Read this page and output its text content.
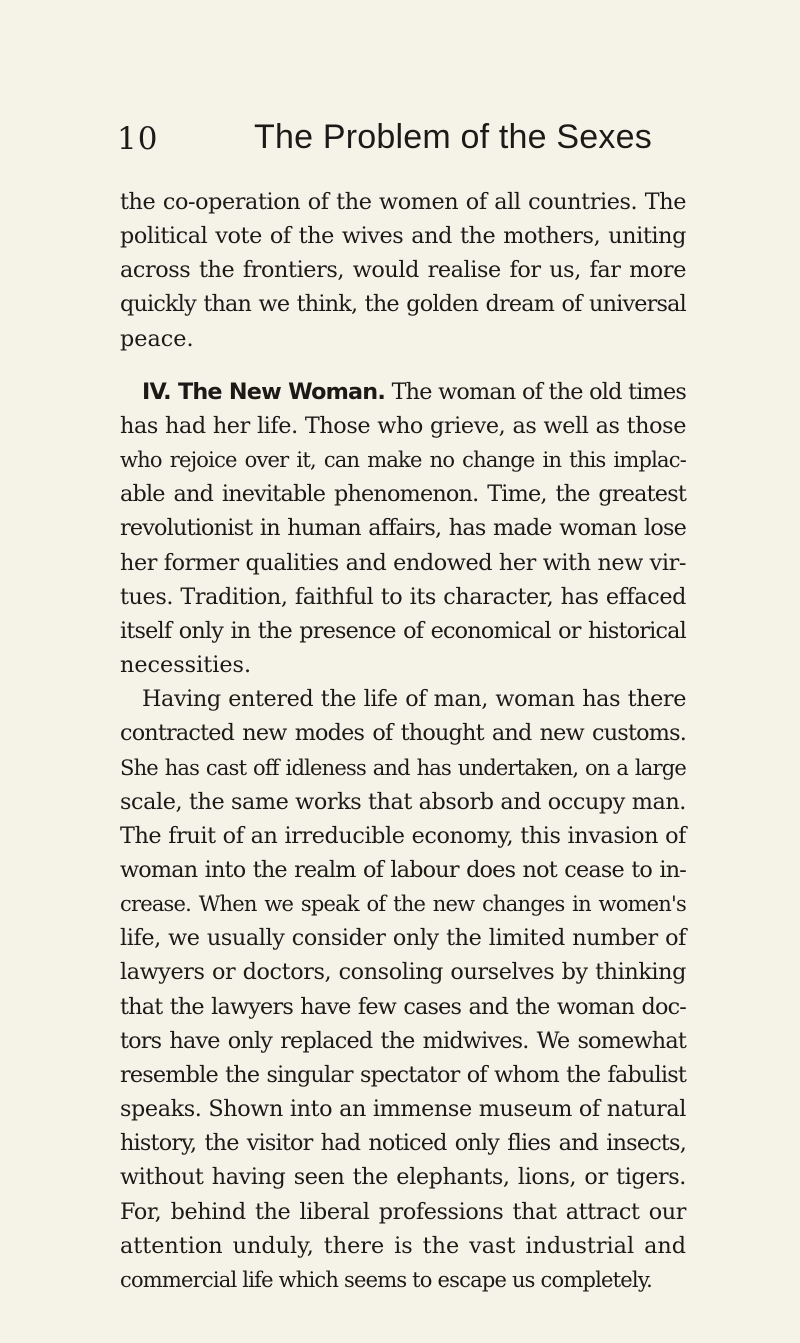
10	The Problem of the Sexes
the co-operation of the women of all countries. The
political vote of the wives and the mothers, uniting
across the frontiers, would realise for us, far more
quickly than we think, the golden dream of universal
peace.
IV. The New Woman. The woman of the old times
has had her life. Those who grieve, as well as those
who rejoice over it, can make no change in this implac-
able and inevitable phenomenon. Time, the greatest
revolutionist in human affairs, has made woman lose
her former qualities and endowed her with new vir-
tues. Tradition, faithful to its character, has effaced
itself only in the presence of economical or historical
necessities.
Having entered the life of man, woman has there
contracted new modes of thought and new customs.
She has cast off idleness and has undertaken, on a large
scale, the same works that absorb and occupy man.
The fruit of an irreducible economy, this invasion of
woman into the realm of labour does not cease to in-
crease. When we speak of the new changes in women's
life, we usually consider only the limited number of
lawyers or doctors, consoling ourselves by thinking
that the lawyers have few cases and the woman doc-
tors have only replaced the midwives. We somewhat
resemble the singular spectator of whom the fabulist
speaks. Shown into an immense museum of natural
history, the visitor had noticed only flies and insects,
without having seen the elephants, lions, or tigers.
For, behind the liberal professions that attract our
attention unduly, there is the vast industrial and
commercial life which seems to escape us completely.
